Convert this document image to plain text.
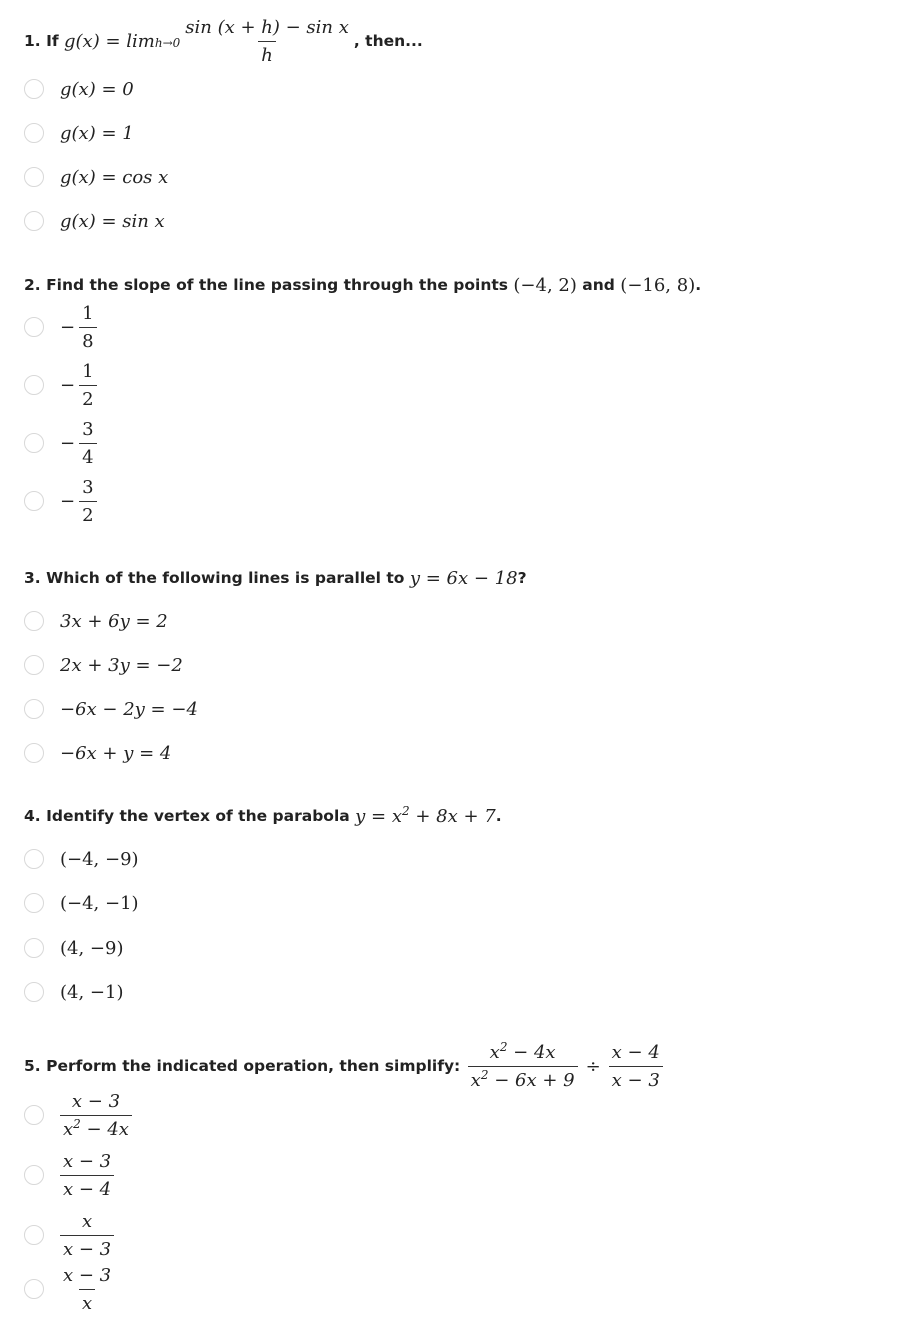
1.
If
$g(x) = \lim h\to 0 \frac{\text{sin (x + h) − sin x}}{h}$ , then...
g(x) = 0
g(x) = 1
g(x) = cos x
g(x) = sin x
2.
Find the slope of the line passing through the points
(−4, 2)
and
(−16, 8) .
− $\frac{1}{8}$
− $\frac{1}{2}$
− $\frac{3}{4}$
− $\frac{3}{2}$
3.
Which of the following lines is parallel to
y = 6x − 18 ?
3x + 6y = 2
2x + 3y = −2
−6x − 2y = −4
−6x + y = 4
4.
Identify the vertex of the parabola
$y = x^2 + 8x + 7$ .
(−4, −9)
(−4, −1)
(4, −9)
(4, −1)
5.
Perform the indicated operation, then simplify:
$\frac{x^2 - 4x}{x^2 - 6x + 9} \div \frac{x - 4}{x - 3}$
$\frac{x - 3}{x^2 - 4x}$
$\frac{x - 3}{x - 4}$
$\frac{x}{x - 3}$
$\frac{x - 3}{x}$
